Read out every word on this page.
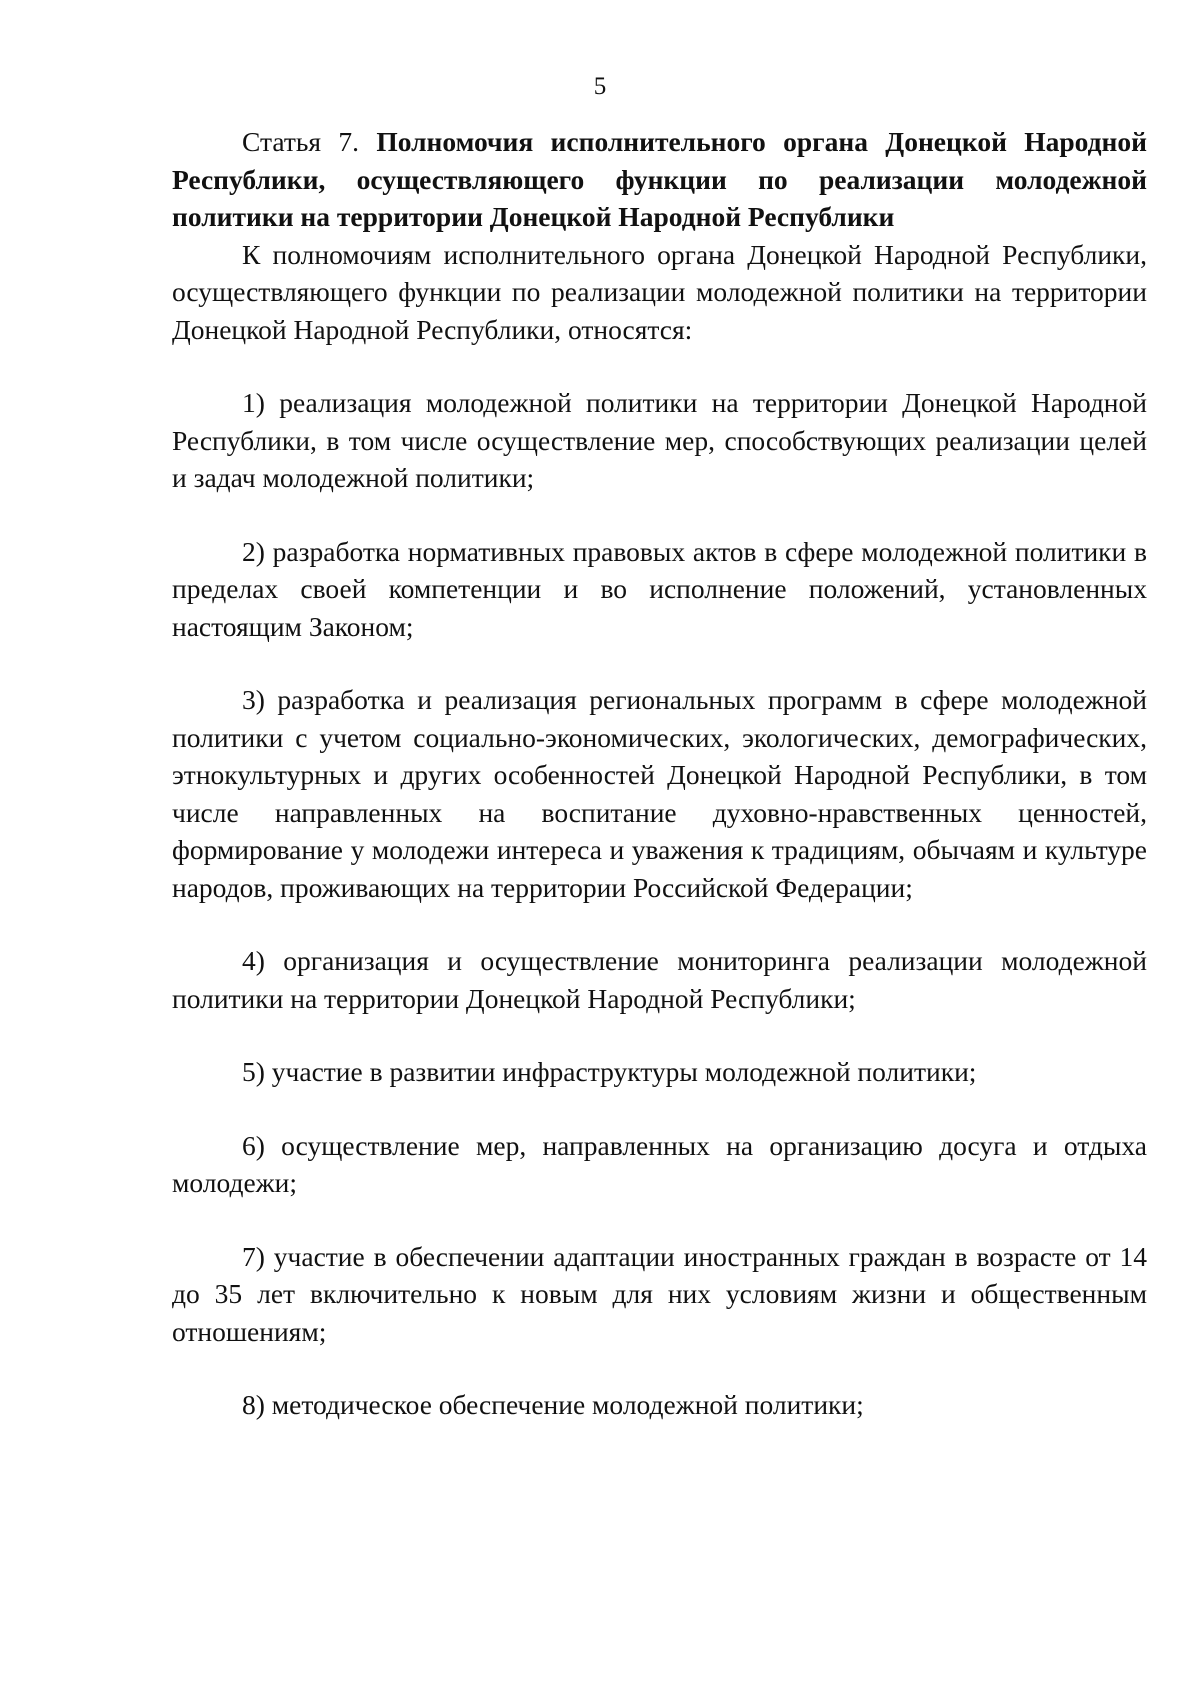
5

Статья 7. Полномочия исполнительного органа Донецкой Народной Республики, осуществляющего функции по реализации молодежной политики на территории Донецкой Народной Республики

К полномочиям исполнительного органа Донецкой Народной Республики, осуществляющего функции по реализации молодежной политики на территории Донецкой Народной Республики, относятся:

1) реализация молодежной политики на территории Донецкой Народной Республики, в том числе осуществление мер, способствующих реализации целей и задач молодежной политики;

2) разработка нормативных правовых актов в сфере молодежной политики в пределах своей компетенции и во исполнение положений, установленных настоящим Законом;

3) разработка и реализация региональных программ в сфере молодежной политики с учетом социально-экономических, экологических, демографических, этнокультурных и других особенностей Донецкой Народной Республики, в том числе направленных на воспитание духовно-нравственных ценностей, формирование у молодежи интереса и уважения к традициям, обычаям и культуре народов, проживающих на территории Российской Федерации;

4) организация и осуществление мониторинга реализации молодежной политики на территории Донецкой Народной Республики;

5) участие в развитии инфраструктуры молодежной политики;

6) осуществление мер, направленных на организацию досуга и отдыха молодежи;

7) участие в обеспечении адаптации иностранных граждан в возрасте от 14 до 35 лет включительно к новым для них условиям жизни и общественным отношениям;

8) методическое обеспечение молодежной политики;
